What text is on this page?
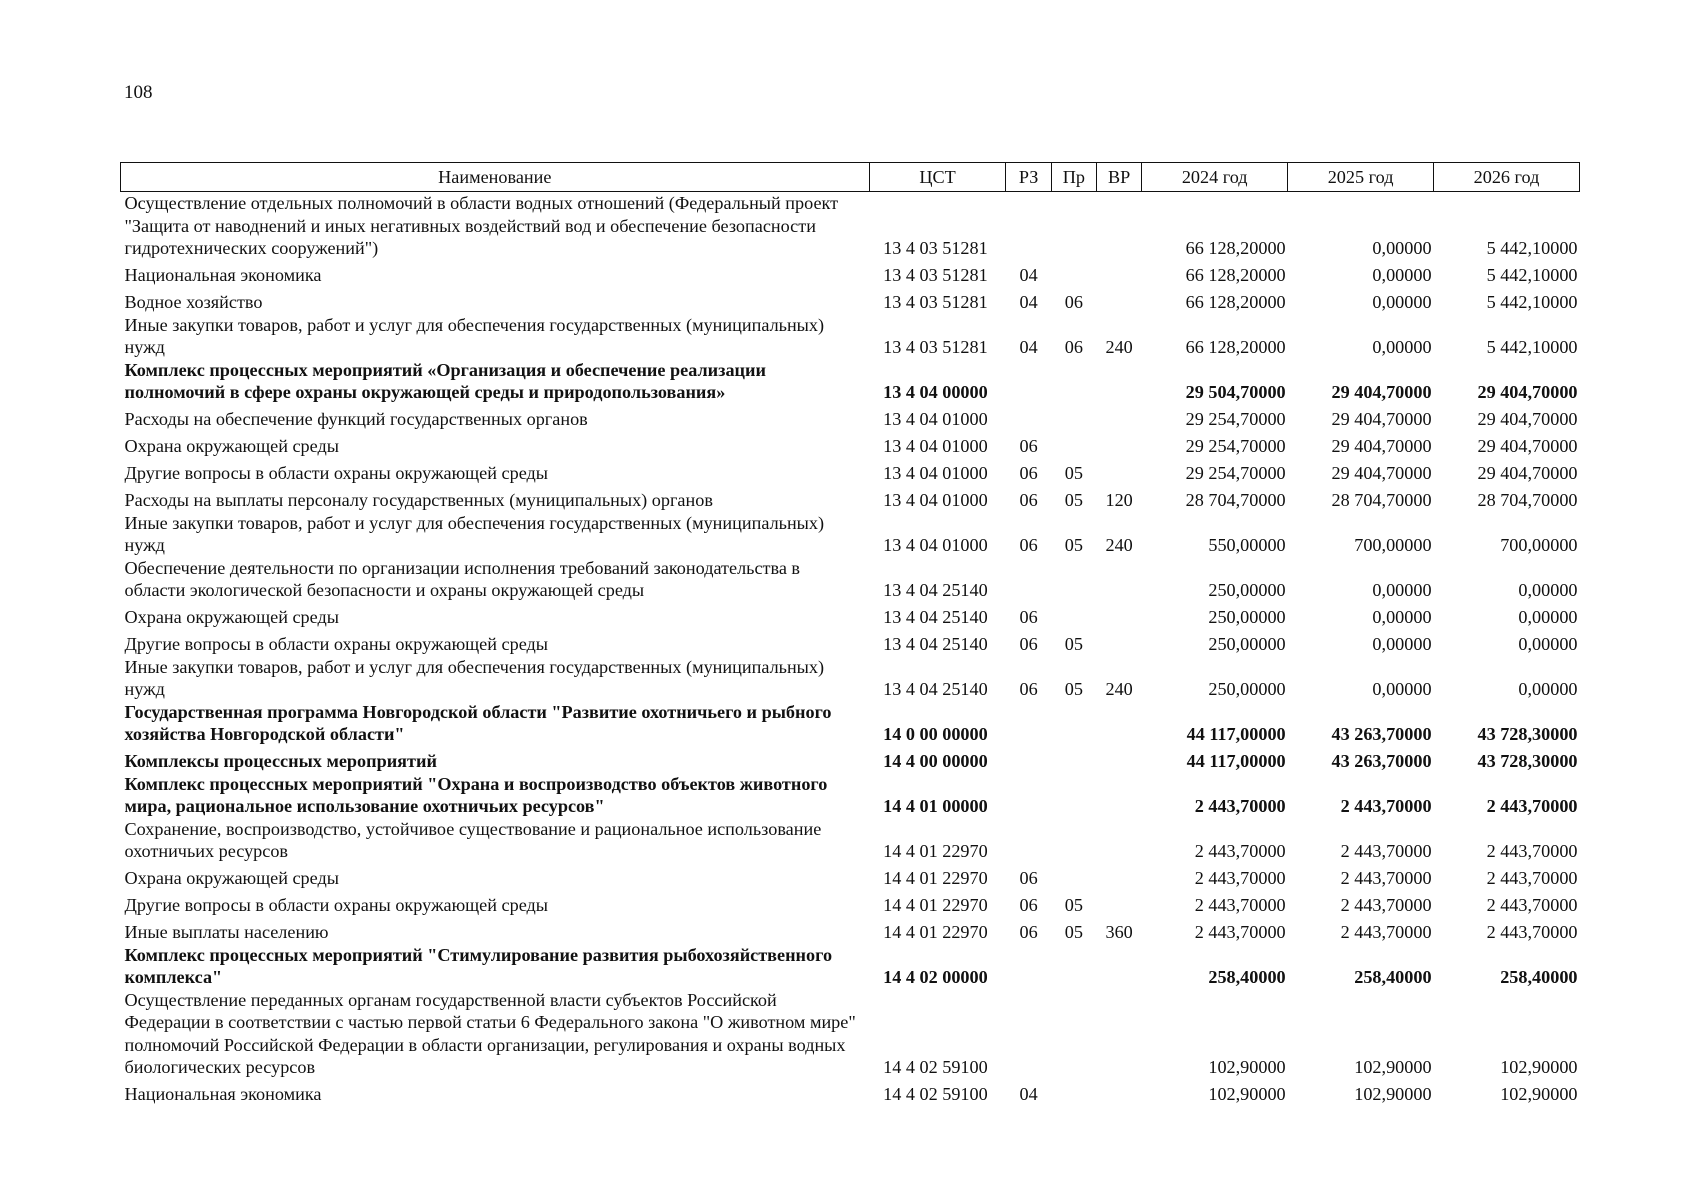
108
Наименование	ЦСТ	РЗ	Пр	ВР	2024 год	2025 год	2026 год
Осуществление отдельных полномочий в области водных отношений (Федеральный проект "Защита от наводнений и иных негативных воздействий вод и обеспечение безопасности гидротехнических сооружений")	13 4 03 51281				66 128,20000	0,00000	5 442,10000
Национальная экономика	13 4 03 51281	04			66 128,20000	0,00000	5 442,10000
Водное хозяйство	13 4 03 51281	04	06		66 128,20000	0,00000	5 442,10000
Иные закупки товаров, работ и услуг для обеспечения государственных (муниципальных) нужд	13 4 03 51281	04	06	240	66 128,20000	0,00000	5 442,10000
Комплекс процессных мероприятий «Организация и обеспечение реализации полномочий в сфере охраны окружающей среды и природопользования»	13 4 04 00000				29 504,70000	29 404,70000	29 404,70000
Расходы на обеспечение функций государственных органов	13 4 04 01000				29 254,70000	29 404,70000	29 404,70000
Охрана окружающей среды	13 4 04 01000	06			29 254,70000	29 404,70000	29 404,70000
Другие вопросы в области охраны окружающей среды	13 4 04 01000	06	05		29 254,70000	29 404,70000	29 404,70000
Расходы на выплаты персоналу государственных (муниципальных) органов	13 4 04 01000	06	05	120	28 704,70000	28 704,70000	28 704,70000
Иные закупки товаров, работ и услуг для обеспечения государственных (муниципальных) нужд	13 4 04 01000	06	05	240	550,00000	700,00000	700,00000
Обеспечение деятельности по организации исполнения требований законодательства в области экологической безопасности и охраны окружающей среды	13 4 04 25140				250,00000	0,00000	0,00000
Охрана окружающей среды	13 4 04 25140	06			250,00000	0,00000	0,00000
Другие вопросы в области охраны окружающей среды	13 4 04 25140	06	05		250,00000	0,00000	0,00000
Иные закупки товаров, работ и услуг для обеспечения государственных (муниципальных) нужд	13 4 04 25140	06	05	240	250,00000	0,00000	0,00000
Государственная программа Новгородской области "Развитие охотничьего и рыбного хозяйства Новгородской области"	14 0 00 00000				44 117,00000	43 263,70000	43 728,30000
Комплексы процессных мероприятий	14 4 00 00000				44 117,00000	43 263,70000	43 728,30000
Комплекс процессных мероприятий "Охрана и воспроизводство объектов животного мира, рациональное использование охотничьих ресурсов"	14 4 01 00000				2 443,70000	2 443,70000	2 443,70000
Сохранение, воспроизводство, устойчивое существование и рациональное использование охотничьих ресурсов	14 4 01 22970				2 443,70000	2 443,70000	2 443,70000
Охрана окружающей среды	14 4 01 22970	06			2 443,70000	2 443,70000	2 443,70000
Другие вопросы в области охраны окружающей среды	14 4 01 22970	06	05		2 443,70000	2 443,70000	2 443,70000
Иные выплаты населению	14 4 01 22970	06	05	360	2 443,70000	2 443,70000	2 443,70000
Комплекс процессных мероприятий "Стимулирование развития рыбохозяйственного комплекса"	14 4 02 00000				258,40000	258,40000	258,40000
Осуществление переданных органам государственной власти субъектов Российской Федерации в соответствии с частью первой статьи 6 Федерального закона "О животном мире" полномочий Российской Федерации в области организации, регулирования и охраны водных биологических ресурсов	14 4 02 59100				102,90000	102,90000	102,90000
Национальная экономика	14 4 02 59100	04			102,90000	102,90000	102,90000
